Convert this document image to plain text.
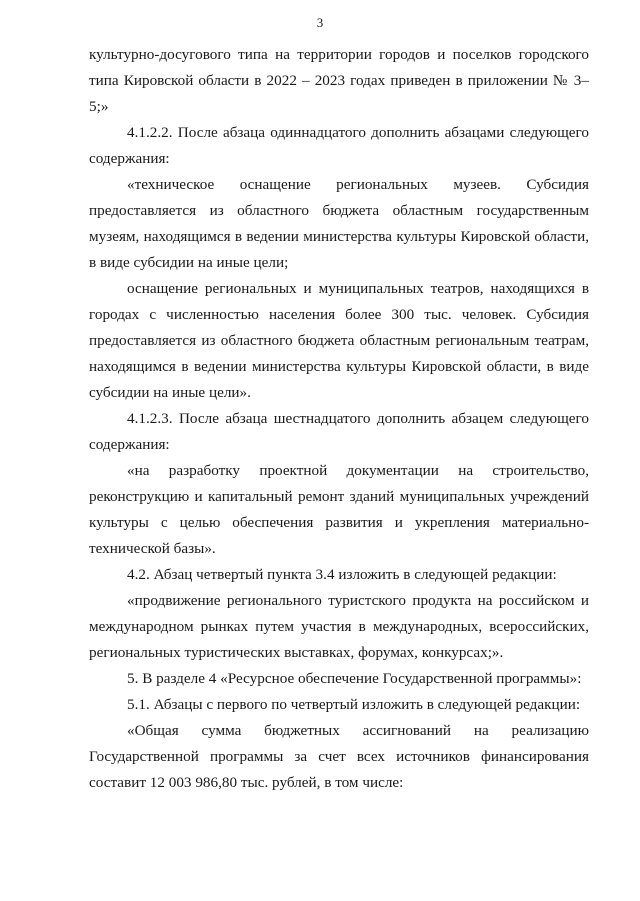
3

культурно-досугового типа на территории городов и поселков городского типа Кировской области в 2022 – 2023 годах приведен в приложении № 3–5;»

4.1.2.2. После абзаца одиннадцатого дополнить абзацами следующего содержания:

«техническое оснащение региональных музеев. Субсидия предоставляется из областного бюджета областным государственным музеям, находящимся в ведении министерства культуры Кировской области, в виде субсидии на иные цели;

оснащение региональных и муниципальных театров, находящихся в городах с численностью населения более 300 тыс. человек. Субсидия предоставляется из областного бюджета областным региональным театрам, находящимся в ведении министерства культуры Кировской области, в виде субсидии на иные цели».

4.1.2.3. После абзаца шестнадцатого дополнить абзацем следующего содержания:

«на разработку проектной документации на строительство, реконструкцию и капитальный ремонт зданий муниципальных учреждений культуры с целью обеспечения развития и укрепления материально-технической базы».

4.2. Абзац четвертый пункта 3.4 изложить в следующей редакции:

«продвижение регионального туристского продукта на российском и международном рынках путем участия в международных, всероссийских, региональных туристических выставках, форумах, конкурсах;».

5. В разделе 4 «Ресурсное обеспечение Государственной программы»:

5.1. Абзацы с первого по четвертый изложить в следующей редакции:

«Общая сумма бюджетных ассигнований на реализацию Государственной программы за счет всех источников финансирования составит 12 003 986,80 тыс. рублей, в том числе:
